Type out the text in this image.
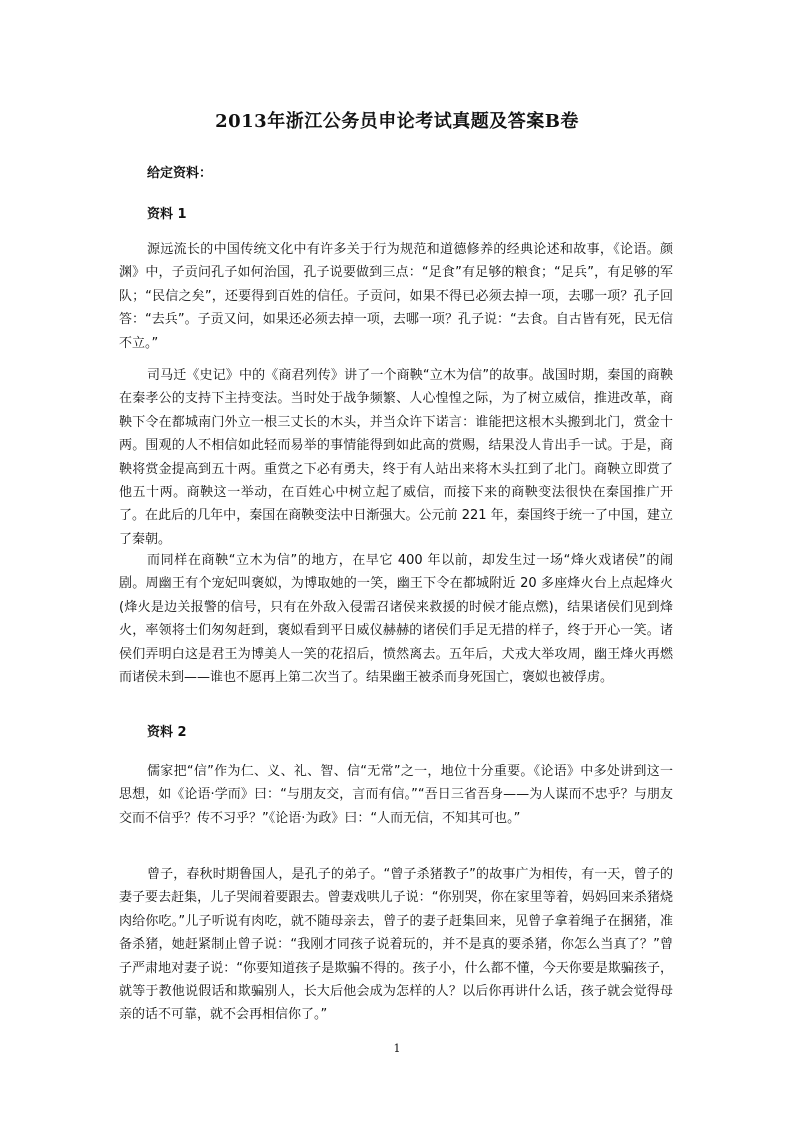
2013年浙江公务员申论考试真题及答案B卷

给定资料：

资料 1

源远流长的中国传统文化中有许多关于行为规范和道德修养的经典论述和故事，《论语。颜渊》中，子贡问孔子如何治国，孔子说要做到三点：“足食”有足够的粮食；“足兵”，有足够的军队；“民信之矣”，还要得到百姓的信任。子贡问，如果不得已必须去掉一项，去哪一项？孔子回答：“去兵”。子贡又问，如果还必须去掉一项，去哪一项？孔子说：“去食。自古皆有死，民无信不立。”

司马迁《史记》中的《商君列传》讲了一个商鞅“立木为信”的故事。战国时期，秦国的商鞅在秦孝公的支持下主持变法。当时处于战争频繁、人心惶惶之际，为了树立威信，推进改革，商鞅下令在都城南门外立一根三丈长的木头，并当众许下诺言：谁能把这根木头搬到北门，赏金十两。围观的人不相信如此轻而易举的事情能得到如此高的赏赐，结果没人肯出手一试。于是，商鞅将赏金提高到五十两。重赏之下必有勇夫，终于有人站出来将木头扛到了北门。商鞅立即赏了他五十两。商鞅这一举动，在百姓心中树立起了威信，而接下来的商鞅变法很快在秦国推广开了。在此后的几年中，秦国在商鞅变法中日渐强大。公元前 221 年，秦国终于统一了中国，建立了秦朝。

而同样在商鞅“立木为信”的地方，在早它 400 年以前，却发生过一场“烽火戏诸侯”的闹剧。周幽王有个宠妃叫褒姒，为博取她的一笑，幽王下令在都城附近 20 多座烽火台上点起烽火(烽火是边关报警的信号，只有在外敌入侵需召诸侯来救援的时候才能点燃)，结果诸侯们见到烽火，率领将士们匆匆赶到，褒姒看到平日威仪赫赫的诸侯们手足无措的样子，终于开心一笑。诸侯们弄明白这是君王为博美人一笑的花招后，愤然离去。五年后，犬戎大举攻周，幽王烽火再燃而诸侯未到——谁也不愿再上第二次当了。结果幽王被杀而身死国亡，褒姒也被俘虏。

资料 2

儒家把“信”作为仁、义、礼、智、信“无常”之一，地位十分重要。《论语》中多处讲到这一思想，如《论语·学而》曰：“与朋友交，言而有信。”“吾日三省吾身——为人谋而不忠乎？与朋友交而不信乎？传不习乎？”《论语·为政》曰：“人而无信，不知其可也。”

曾子，春秋时期鲁国人，是孔子的弟子。“曾子杀猪教子”的故事广为相传，有一天，曾子的妻子要去赶集，儿子哭闹着要跟去。曾妻戏哄儿子说：“你别哭，你在家里等着，妈妈回来杀猪烧肉给你吃。”儿子听说有肉吃，就不随母亲去，曾子的妻子赶集回来，见曾子拿着绳子在捆猪，准备杀猪，她赶紧制止曾子说：“我刚才同孩子说着玩的，并不是真的要杀猪，你怎么当真了？”曾子严肃地对妻子说：“你要知道孩子是欺骗不得的。孩子小，什么都不懂，今天你要是欺骗孩子，就等于教他说假话和欺骗别人，长大后他会成为怎样的人？以后你再讲什么话，孩子就会觉得母亲的话不可靠，就不会再相信你了。”

1
